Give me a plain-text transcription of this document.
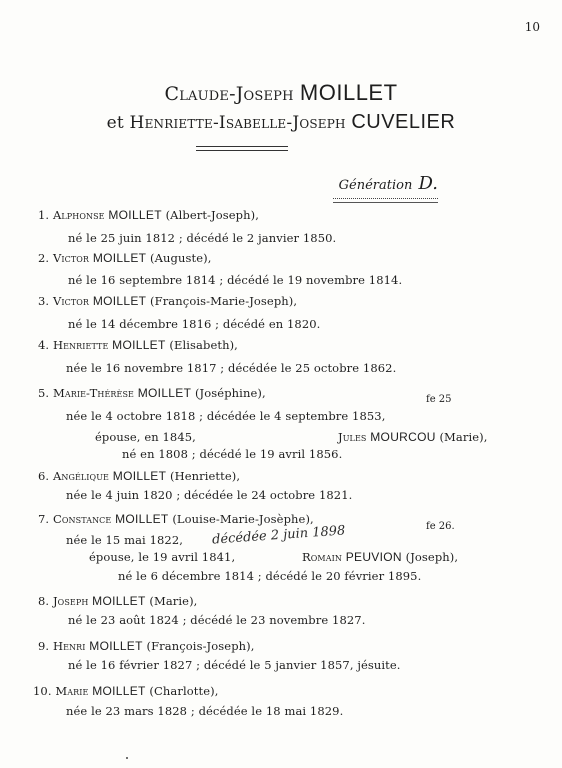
10
Claude-Joseph MOILLET
et Henriette-Isabelle-Joseph CUVELIER
Génération D.
1. Alphonse MOILLET (Albert-Joseph),
né le 25 juin 1812 ; décédé le 2 janvier 1850.
2. Victor MOILLET (Auguste),
né le 16 septembre 1814 ; décédé le 19 novembre 1814.
3. Victor MOILLET (François-Marie-Joseph),
né le 14 décembre 1816 ; décédé en 1820.
4. Henriette MOILLET (Elisabeth),
née le 16 novembre 1817 ; décédée le 25 octobre 1862.
5. Marie-Thérèse MOILLET (Joséphine),
née le 4 octobre 1818 ; décédée le 4 septembre 1853,
fe 25
épouse, en 1845,	Jules MOURCOU (Marie),
né en 1808 ; décédé le 19 avril 1856.
6. Angélique MOILLET (Henriette),
née le 4 juin 1820 ; décédée le 24 octobre 1821.
7. Constance MOILLET (Louise-Marie-Josèphe),
née le 15 mai 1822,
fe 26.
décédée 2 juin 1898
épouse, le 19 avril 1841,	Romain PEUVION (Joseph),
né le 6 décembre 1814 ; décédé le 20 février 1895.
8. Joseph MOILLET (Marie),
né le 23 août 1824 ; décédé le 23 novembre 1827.
9. Henri MOILLET (François-Joseph),
né le 16 février 1827 ; décédé le 5 janvier 1857, jésuite.
10. Marie MOILLET (Charlotte),
née le 23 mars 1828 ; décédée le 18 mai 1829.
